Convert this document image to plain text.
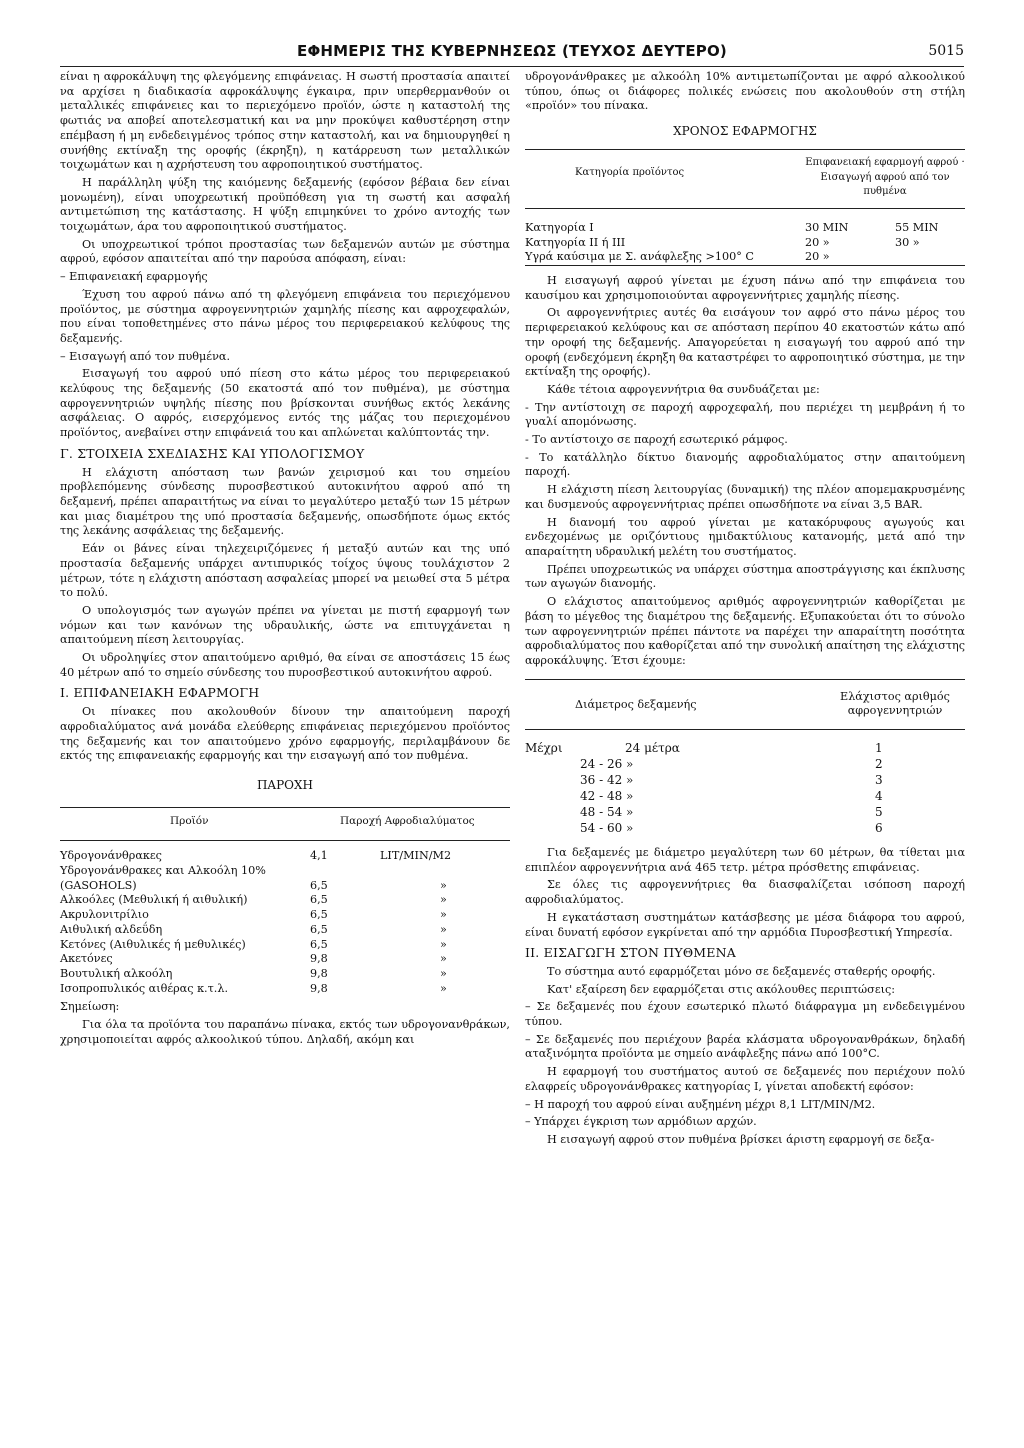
ΕΦΗΜΕΡΙΣ ΤΗΣ ΚΥΒΕΡΝΗΣΕΩΣ (ΤΕΥΧΟΣ ΔΕΥΤΕΡΟ)	5015

είναι η αφροκάλυψη της φλεγόμενης επιφάνειας. Η σωστή προστασία απαιτεί να αρχίσει η διαδικασία αφροκάλυψης έγκαιρα, πριν υπερθερμανθούν οι μεταλλικές επιφάνειες και το περιεχόμενο προϊόν, ώστε η καταστολή της φωτιάς να αποβεί αποτελεσματική και να μην προκύψει καθυστέρηση στην επέμβαση ή μη ενδεδειγμένος τρόπος στην καταστολή, και να δημιουργηθεί η συνήθης εκτίναξη της οροφής (έκρηξη), η κατάρρευση των μεταλλικών τοιχωμάτων και η αχρήστευση του αφροποιητικού συστήματος.

Η παράλληλη ψύξη της καιόμενης δεξαμενής (εφόσον βέβαια δεν είναι μονωμένη), είναι υποχρεωτική προϋπόθεση για τη σωστή και ασφαλή αντιμετώπιση της κατάστασης. Η ψύξη επιμηκύνει το χρόνο αντοχής των τοιχωμάτων, άρα του αφροποιητικού συστήματος.

Οι υποχρεωτικοί τρόποι προστασίας των δεξαμενών αυτών με σύστημα αφρού, εφόσον απαιτείται από την παρούσα απόφαση, είναι:

– Επιφανειακή εφαρμογής

Έχυση του αφρού πάνω από τη φλεγόμενη επιφάνεια του περιεχόμενου προϊόντος, με σύστημα αφρογεννητριών χαμηλής πίεσης και αφροχεφαλών, που είναι τοποθετημένες στο πάνω μέρος του περιφερειακού κελύφους της δεξαμενής.

– Εισαγωγή από τον πυθμένα.

Εισαγωγή του αφρού υπό πίεση στο κάτω μέρος του περιφερειακού κελύφους της δεξαμενής (50 εκατοστά από τον πυθμένα), με σύστημα αφρογεννητριών υψηλής πίεσης που βρίσκονται συνήθως εκτός λεκάνης ασφάλειας. Ο αφρός, εισερχόμενος εντός της μάζας του περιεχομένου προϊόντος, ανεβαίνει στην επιφάνειά του και απλώνεται καλύπτοντάς την.

Γ. ΣΤΟΙΧΕΙΑ ΣΧΕΔΙΑΣΗΣ ΚΑΙ ΥΠΟΛΟΓΙΣΜΟΥ

Η ελάχιστη απόσταση των βανών χειρισμού και του σημείου προβλεπόμενης σύνδεσης πυροσβεστικού αυτοκινήτου αφρού από τη δεξαμενή, πρέπει απαραιτήτως να είναι το μεγαλύτερο μεταξύ των 15 μέτρων και μιας διαμέτρου της υπό προστασία δεξαμενής, οπωσδήποτε όμως εκτός της λεκάνης ασφάλειας της δεξαμενής.

Εάν οι βάνες είναι τηλεχειριζόμενες ή μεταξύ αυτών και της υπό προστασία δεξαμενής υπάρχει αντιπυρικός τοίχος ύψους τουλάχιστον 2 μέτρων, τότε η ελάχιστη απόσταση ασφαλείας μπορεί να μειωθεί στα 5 μέτρα το πολύ.

Ο υπολογισμός των αγωγών πρέπει να γίνεται με πιστή εφαρμογή των νόμων και των κανόνων της υδραυλικής, ώστε να επιτυγχάνεται η απαιτούμενη πίεση λειτουργίας.

Οι υδροληψίες στον απαιτούμενο αριθμό, θα είναι σε αποστάσεις 15 έως 40 μέτρων από το σημείο σύνδεσης του πυροσβεστικού αυτοκινήτου αφρού.

Ι. ΕΠΙΦΑΝΕΙΑΚΗ ΕΦΑΡΜΟΓΗ

Οι πίνακες που ακολουθούν δίνουν την απαιτούμενη παροχή αφροδιαλύματος ανά μονάδα ελεύθερης επιφάνειας περιεχόμενου προϊόντος της δεξαμενής και τον απαιτούμενο χρόνο εφαρμογής, περιλαμβάνουν δε εκτός της επιφανειακής εφαρμογής και την εισαγωγή από τον πυθμένα.

ΠΑΡΟΧΗ
Προϊόν	Παροχή Αφροδιαλύματος	

Υδρογονάνθρακες	4,1	LIT/MIN/M2
Υδρογονάνθρακες και Αλκοόλη 10%		
(GASOHOLS)	6,5	»
Αλκοόλες (Μεθυλική ή αιθυλική)	6,5	»
Ακρυλονιτρίλιο	6,5	»
Αιθυλική αλδεΰδη	6,5	»
Κετόνες (Αιθυλικές ή μεθυλικές)	6,5	»
Ακετόνες	9,8	»
Βουτυλική αλκοόλη	9,8	»
Ισοπροπυλικός αιθέρας κ.τ.λ.	9,8	»

Σημείωση:

Για όλα τα προϊόντα του παραπάνω πίνακα, εκτός των υδρογονανθράκων, χρησιμοποιείται αφρός αλκοολικού τύπου. Δηλαδή, ακόμη και

υδρογονάνθρακες με αλκοόλη 10% αντιμετωπίζονται με αφρό αλκοολικού τύπου, όπως οι διάφορες πολικές ενώσεις που ακολουθούν στη στήλη «προϊόν» του πίνακα.

ΧΡΟΝΟΣ ΕΦΑΡΜΟΓΗΣ
Κατηγορία προϊόντος	Επιφανειακή εφαρμογή αφρού · Εισαγωγή αφρού από τον πυθμένα	

Κατηγορία Ι	30 MIN	55 MIN
Κατηγορία ΙΙ ή ΙΙΙ	20 »	30 »
Υγρά καύσιμα με Σ. ανάφλεξης >100° C	20 »	

Η εισαγωγή αφρού γίνεται με έχυση πάνω από την επιφάνεια του καυσίμου και χρησιμοποιούνται αφρογεννήτριες χαμηλής πίεσης.

Οι αφρογεννήτριες αυτές θα εισάγουν τον αφρό στο πάνω μέρος του περιφερειακού κελύφους και σε απόσταση περίπου 40 εκατοστών κάτω από την οροφή της δεξαμενής. Απαγορεύεται η εισαγωγή του αφρού από την οροφή (ενδεχόμενη έκρηξη θα καταστρέφει το αφροποιητικό σύστημα, με την εκτίναξη της οροφής).

Κάθε τέτοια αφρογεννήτρια θα συνδυάζεται με:

- Την αντίστοιχη σε παροχή αφροχεφαλή, που περιέχει τη μεμβράνη ή το γυαλί απομόνωσης.

- Το αντίστοιχο σε παροχή εσωτερικό ράμφος.

- Το κατάλληλο δίκτυο διανομής αφροδιαλύματος στην απαιτούμενη παροχή.

Η ελάχιστη πίεση λειτουργίας (δυναμική) της πλέον απομεμακρυσμένης και δυσμενούς αφρογεννήτριας πρέπει οπωσδήποτε να είναι 3,5 BAR.

Η διανομή του αφρού γίνεται με κατακόρυφους αγωγούς και ενδεχομένως με οριζόντιους ημιδακτύλιους κατανομής, μετά από την απαραίτητη υδραυλική μελέτη του συστήματος.

Πρέπει υποχρεωτικώς να υπάρχει σύστημα αποστράγγισης και έκπλυσης των αγωγών διανομής.

Ο ελάχιστος απαιτούμενος αριθμός αφρογεννητριών καθορίζεται με βάση το μέγεθος της διαμέτρου της δεξαμενής. Εξυπακούεται ότι το σύνολο των αφρογεννητριών πρέπει πάντοτε να παρέχει την απαραίτητη ποσότητα αφροδιαλύματος που καθορίζεται από την συνολική απαίτηση της ελάχιστης αφροκάλυψης. Έτσι έχουμε:

Διάμετρος δεξαμενής	Ελάχιστος αριθμός αφρογεννητριών

Μέχρι	24 μέτρα	1
	24 - 26 »	2
	36 - 42 »	3
	42 - 48 »	4
	48 - 54 »	5
	54 - 60 »	6

Για δεξαμενές με διάμετρο μεγαλύτερη των 60 μέτρων, θα τίθεται μια επιπλέον αφρογεννήτρια ανά 465 τετρ. μέτρα πρόσθετης επιφάνειας.

Σε όλες τις αφρογεννήτριες θα διασφαλίζεται ισόποση παροχή αφροδιαλύματος.

Η εγκατάσταση συστημάτων κατάσβεσης με μέσα διάφορα του αφρού, είναι δυνατή εφόσον εγκρίνεται από την αρμόδια Πυροσβεστική Υπηρεσία.

ΙΙ. ΕΙΣΑΓΩΓΗ ΣΤΟΝ ΠΥΘΜΕΝΑ

Το σύστημα αυτό εφαρμόζεται μόνο σε δεξαμενές σταθερής οροφής.

Κατ' εξαίρεση δεν εφαρμόζεται στις ακόλουθες περιπτώσεις:

– Σε δεξαμενές που έχουν εσωτερικό πλωτό διάφραγμα μη ενδεδειγμένου τύπου.

– Σε δεξαμενές που περιέχουν βαρέα κλάσματα υδρογονανθράκων, δηλαδή αταξινόμητα προϊόντα με σημείο ανάφλεξης πάνω από 100°C.

Η εφαρμογή του συστήματος αυτού σε δεξαμενές που περιέχουν πολύ ελαφρείς υδρογονάνθρακες κατηγορίας Ι, γίνεται αποδεκτή εφόσον:

– Η παροχή του αφρού είναι αυξημένη μέχρι 8,1 LIT/MIN/M2.

– Υπάρχει έγκριση των αρμόδιων αρχών.

Η εισαγωγή αφρού στον πυθμένα βρίσκει άριστη εφαρμογή σε δεξα-
